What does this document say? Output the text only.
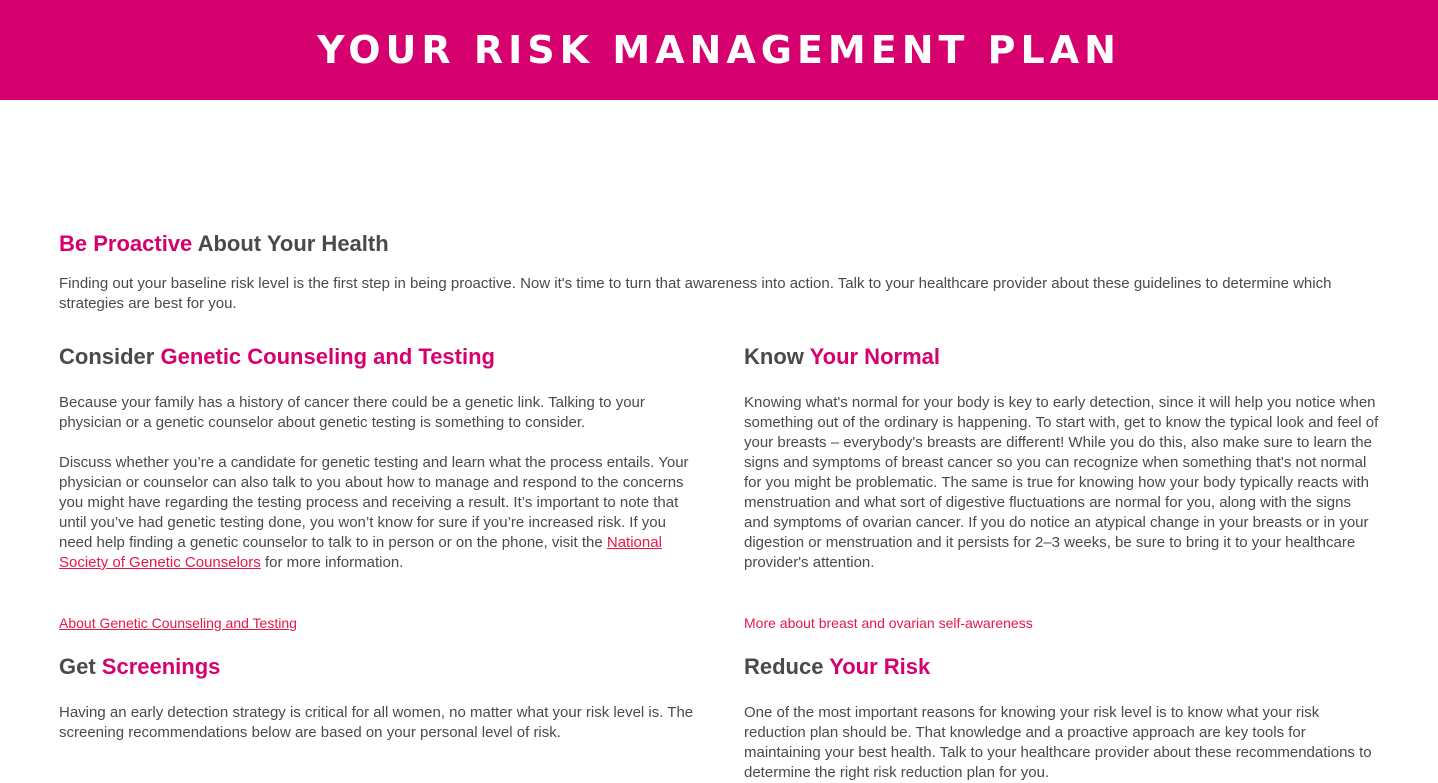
YOUR RISK MANAGEMENT PLAN
Be Proactive About Your Health

Finding out your baseline risk level is the first step in being proactive. Now it's time to turn that awareness into action. Talk to your healthcare provider about these guidelines to determine which strategies are best for you.

Consider Genetic Counseling and Testing

Because your family has a history of cancer there could be a genetic link. Talking to your physician or a genetic counselor about genetic testing is something to consider.

Discuss whether you’re a candidate for genetic testing and learn what the process entails. Your physician or counselor can also talk to you about how to manage and respond to the concerns you might have regarding the testing process and receiving a result. It’s important to note that until you’ve had genetic testing done, you won’t know for sure if you’re increased risk. If you need help finding a genetic counselor to talk to in person or on the phone, visit the National Society of Genetic Counselors for more information.

About Genetic Counseling and Testing
Know Your Normal

Knowing what's normal for your body is key to early detection, since it will help you notice when something out of the ordinary is happening. To start with, get to know the typical look and feel of your breasts – everybody's breasts are different! While you do this, also make sure to learn the signs and symptoms of breast cancer so you can recognize when something that's not normal for you might be problematic. The same is true for knowing how your body typically reacts with menstruation and what sort of digestive fluctuations are normal for you, along with the signs and symptoms of ovarian cancer. If you do notice an atypical change in your breasts or in your digestion or menstruation and it persists for 2–3 weeks, be sure to bring it to your healthcare provider's attention.

More about breast and ovarian self-awareness
Get Screenings

Having an early detection strategy is critical for all women, no matter what your risk level is. The screening recommendations below are based on your personal level of risk.

Reduce Your Risk

One of the most important reasons for knowing your risk level is to know what your risk reduction plan should be. That knowledge and a proactive approach are key tools for maintaining your best health. Talk to your healthcare provider about these recommendations to determine the right risk reduction plan for you.
